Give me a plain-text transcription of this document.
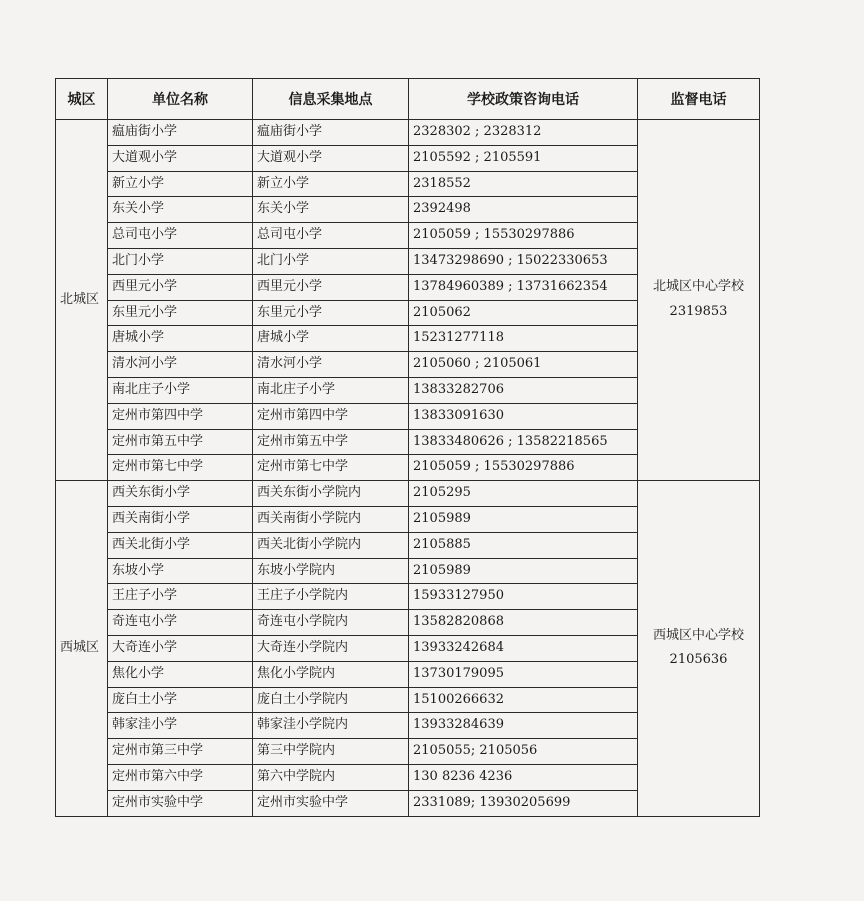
城区	单位名称	信息采集地点	学校政策咨询电话	监督电话
北城区	瘟庙街小学	瘟庙街小学	2328302 ; 2328312	北城区中心学校
2319853

	大道观小学	大道观小学	2105592 ; 2105591	
	新立小学	新立小学	2318552	
	东关小学	东关小学	2392498	
	总司屯小学	总司屯小学	2105059 ; 15530297886	
	北门小学	北门小学	13473298690 ; 15022330653	
	西里元小学	西里元小学	13784960389 ; 13731662354	
	东里元小学	东里元小学	2105062	
	唐城小学	唐城小学	15231277118	
	清水河小学	清水河小学	2105060 ; 2105061	
	南北庄子小学	南北庄子小学	13833282706	
	定州市第四中学	定州市第四中学	13833091630	
	定州市第五中学	定州市第五中学	13833480626 ; 13582218565	
	定州市第七中学	定州市第七中学	2105059 ; 15530297886	
西城区	西关东街小学	西关东街小学院内	2105295	西城区中心学校
2105636

	西关南街小学	西关南街小学院内	2105989	
	西关北街小学	西关北街小学院内	2105885	
	东坡小学	东坡小学院内	2105989	
	王庄子小学	王庄子小学院内	15933127950	
	奇连屯小学	奇连屯小学院内	13582820868	
	大奇连小学	大奇连小学院内	13933242684	
	焦化小学	焦化小学院内	13730179095	
	庞白土小学	庞白土小学院内	15100266632	
	韩家洼小学	韩家洼小学院内	13933284639	
	定州市第三中学	第三中学院内	2105055; 2105056	
	定州市第六中学	第六中学院内	130 8236 4236	
	定州市实验中学	定州市实验中学	2331089; 13930205699	
